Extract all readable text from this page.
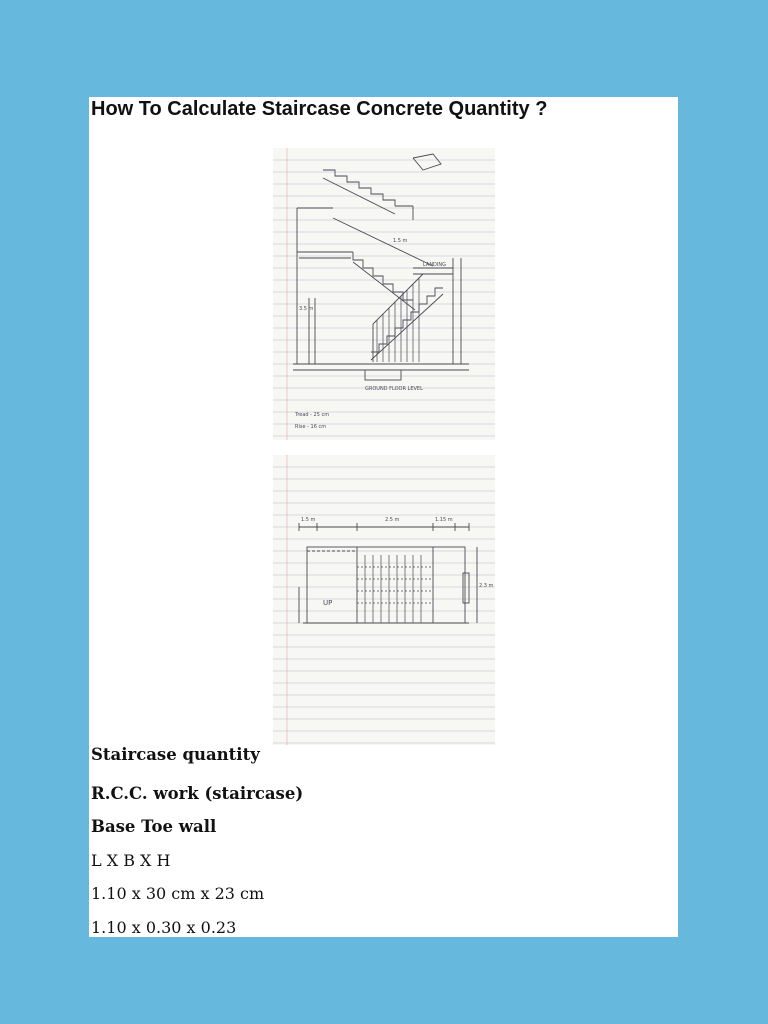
How To Calculate Staircase Concrete Quantity ?
LANDING
3.5 m
GROUND FLOOR LEVEL
1.5 m
Tread - 25 cm
Rise - 16 cm
1.5 m	2.5 m	1.15 m
UP
2.3 m
Staircase quantity
R.C.C. work (staircase)
Base Toe wall
L X B X H
1.10 x 30 cm x 23 cm
1.10 x 0.30 x 0.23
